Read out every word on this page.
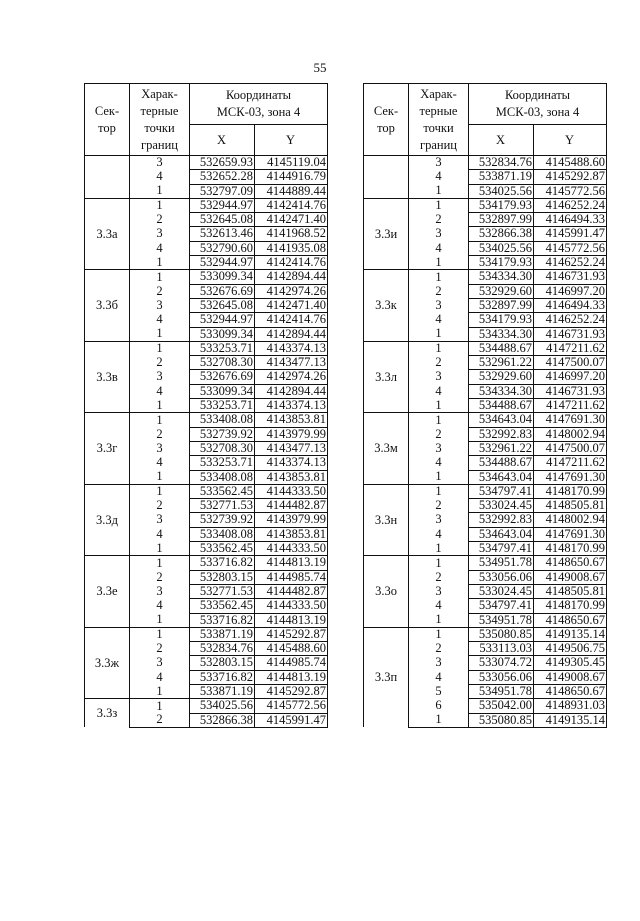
55
Сек-
тор	Харак-
терные
точки
границ	Координаты
МСК-03, зона 4	
		X	Y
	3	532659.93	4145119.04
	4	532652.28	4144916.79
	1	532797.09	4144889.44
3.3а	1	532944.97	4142414.76
	2	532645.08	4142471.40
	3	532613.46	4141968.52
	4	532790.60	4141935.08
	1	532944.97	4142414.76
3.3б	1	533099.34	4142894.44
	2	532676.69	4142974.26
	3	532645.08	4142471.40
	4	532944.97	4142414.76
	1	533099.34	4142894.44
3.3в	1	533253.71	4143374.13
	2	532708.30	4143477.13
	3	532676.69	4142974.26
	4	533099.34	4142894.44
	1	533253.71	4143374.13
3.3г	1	533408.08	4143853.81
	2	532739.92	4143979.99
	3	532708.30	4143477.13
	4	533253.71	4143374.13
	1	533408.08	4143853.81
3.3д	1	533562.45	4144333.50
	2	532771.53	4144482.87
	3	532739.92	4143979.99
	4	533408.08	4143853.81
	1	533562.45	4144333.50
3.3е	1	533716.82	4144813.19
	2	532803.15	4144985.74
	3	532771.53	4144482.87
	4	533562.45	4144333.50
	1	533716.82	4144813.19
3.3ж	1	533871.19	4145292.87
	2	532834.76	4145488.60
	3	532803.15	4144985.74
	4	533716.82	4144813.19
	1	533871.19	4145292.87
3.3з	1	534025.56	4145772.56
	2	532866.38	4145991.47
Сек-
тор	Харак-
терные
точки
границ	Координаты
МСК-03, зона 4	
		X	Y
	3	532834.76	4145488.60
	4	533871.19	4145292.87
	1	534025.56	4145772.56
3.3и	1	534179.93	4146252.24
	2	532897.99	4146494.33
	3	532866.38	4145991.47
	4	534025.56	4145772.56
	1	534179.93	4146252.24
3.3к	1	534334.30	4146731.93
	2	532929.60	4146997.20
	3	532897.99	4146494.33
	4	534179.93	4146252.24
	1	534334.30	4146731.93
3.3л	1	534488.67	4147211.62
	2	532961.22	4147500.07
	3	532929.60	4146997.20
	4	534334.30	4146731.93
	1	534488.67	4147211.62
3.3м	1	534643.04	4147691.30
	2	532992.83	4148002.94
	3	532961.22	4147500.07
	4	534488.67	4147211.62
	1	534643.04	4147691.30
3.3н	1	534797.41	4148170.99
	2	533024.45	4148505.81
	3	532992.83	4148002.94
	4	534643.04	4147691.30
	1	534797.41	4148170.99
3.3о	1	534951.78	4148650.67
	2	533056.06	4149008.67
	3	533024.45	4148505.81
	4	534797.41	4148170.99
	1	534951.78	4148650.67
3.3п	1	535080.85	4149135.14
	2	533113.03	4149506.75
	3	533074.72	4149305.45
	4	533056.06	4149008.67
	5	534951.78	4148650.67
	6	535042.00	4148931.03
	1	535080.85	4149135.14
